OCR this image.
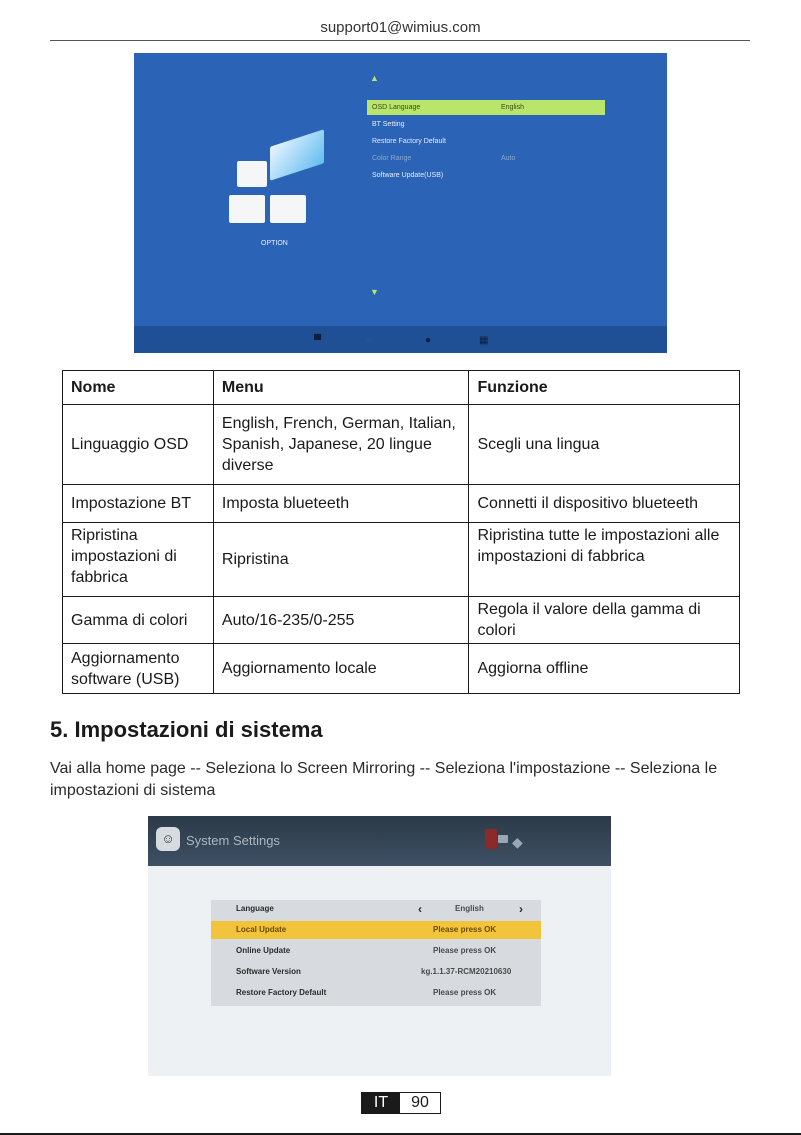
support01@wimius.com
OPTION
▲
OSD Language	English
BT Setting
Restore Factory Default
Color Range	Auto
Software Update(USB)
▼
▀	○	●	▦
Nome	Menu	Funzione
Linguaggio OSD	English, French, German, Italian, Spanish, Japanese, 20 lingue diverse	Scegli una lingua
Impostazione BT	Imposta blueteeth	Connetti il dispositivo blueteeth
Ripristina impostazioni di fabbrica	Ripristina	Ripristina tutte le impostazioni alle impostazioni di fabbrica
Gamma di colori	Auto/16-235/0-255	Regola il valore della gamma di colori
Aggiornamento software (USB)	Aggiornamento locale	Aggiorna offline
5. Impostazioni di sistema
Vai alla home page -- Seleziona lo Screen Mirroring -- Seleziona l'impostazione -- Seleziona le impostazioni di sistema
☺ System Settings	◆
Language	‹	English	›
Local Update	Please press OK
Online Update	Please press OK
Software Version	kg.1.1.37-RCM20210630
Restore Factory Default	Please press OK
IT	90
